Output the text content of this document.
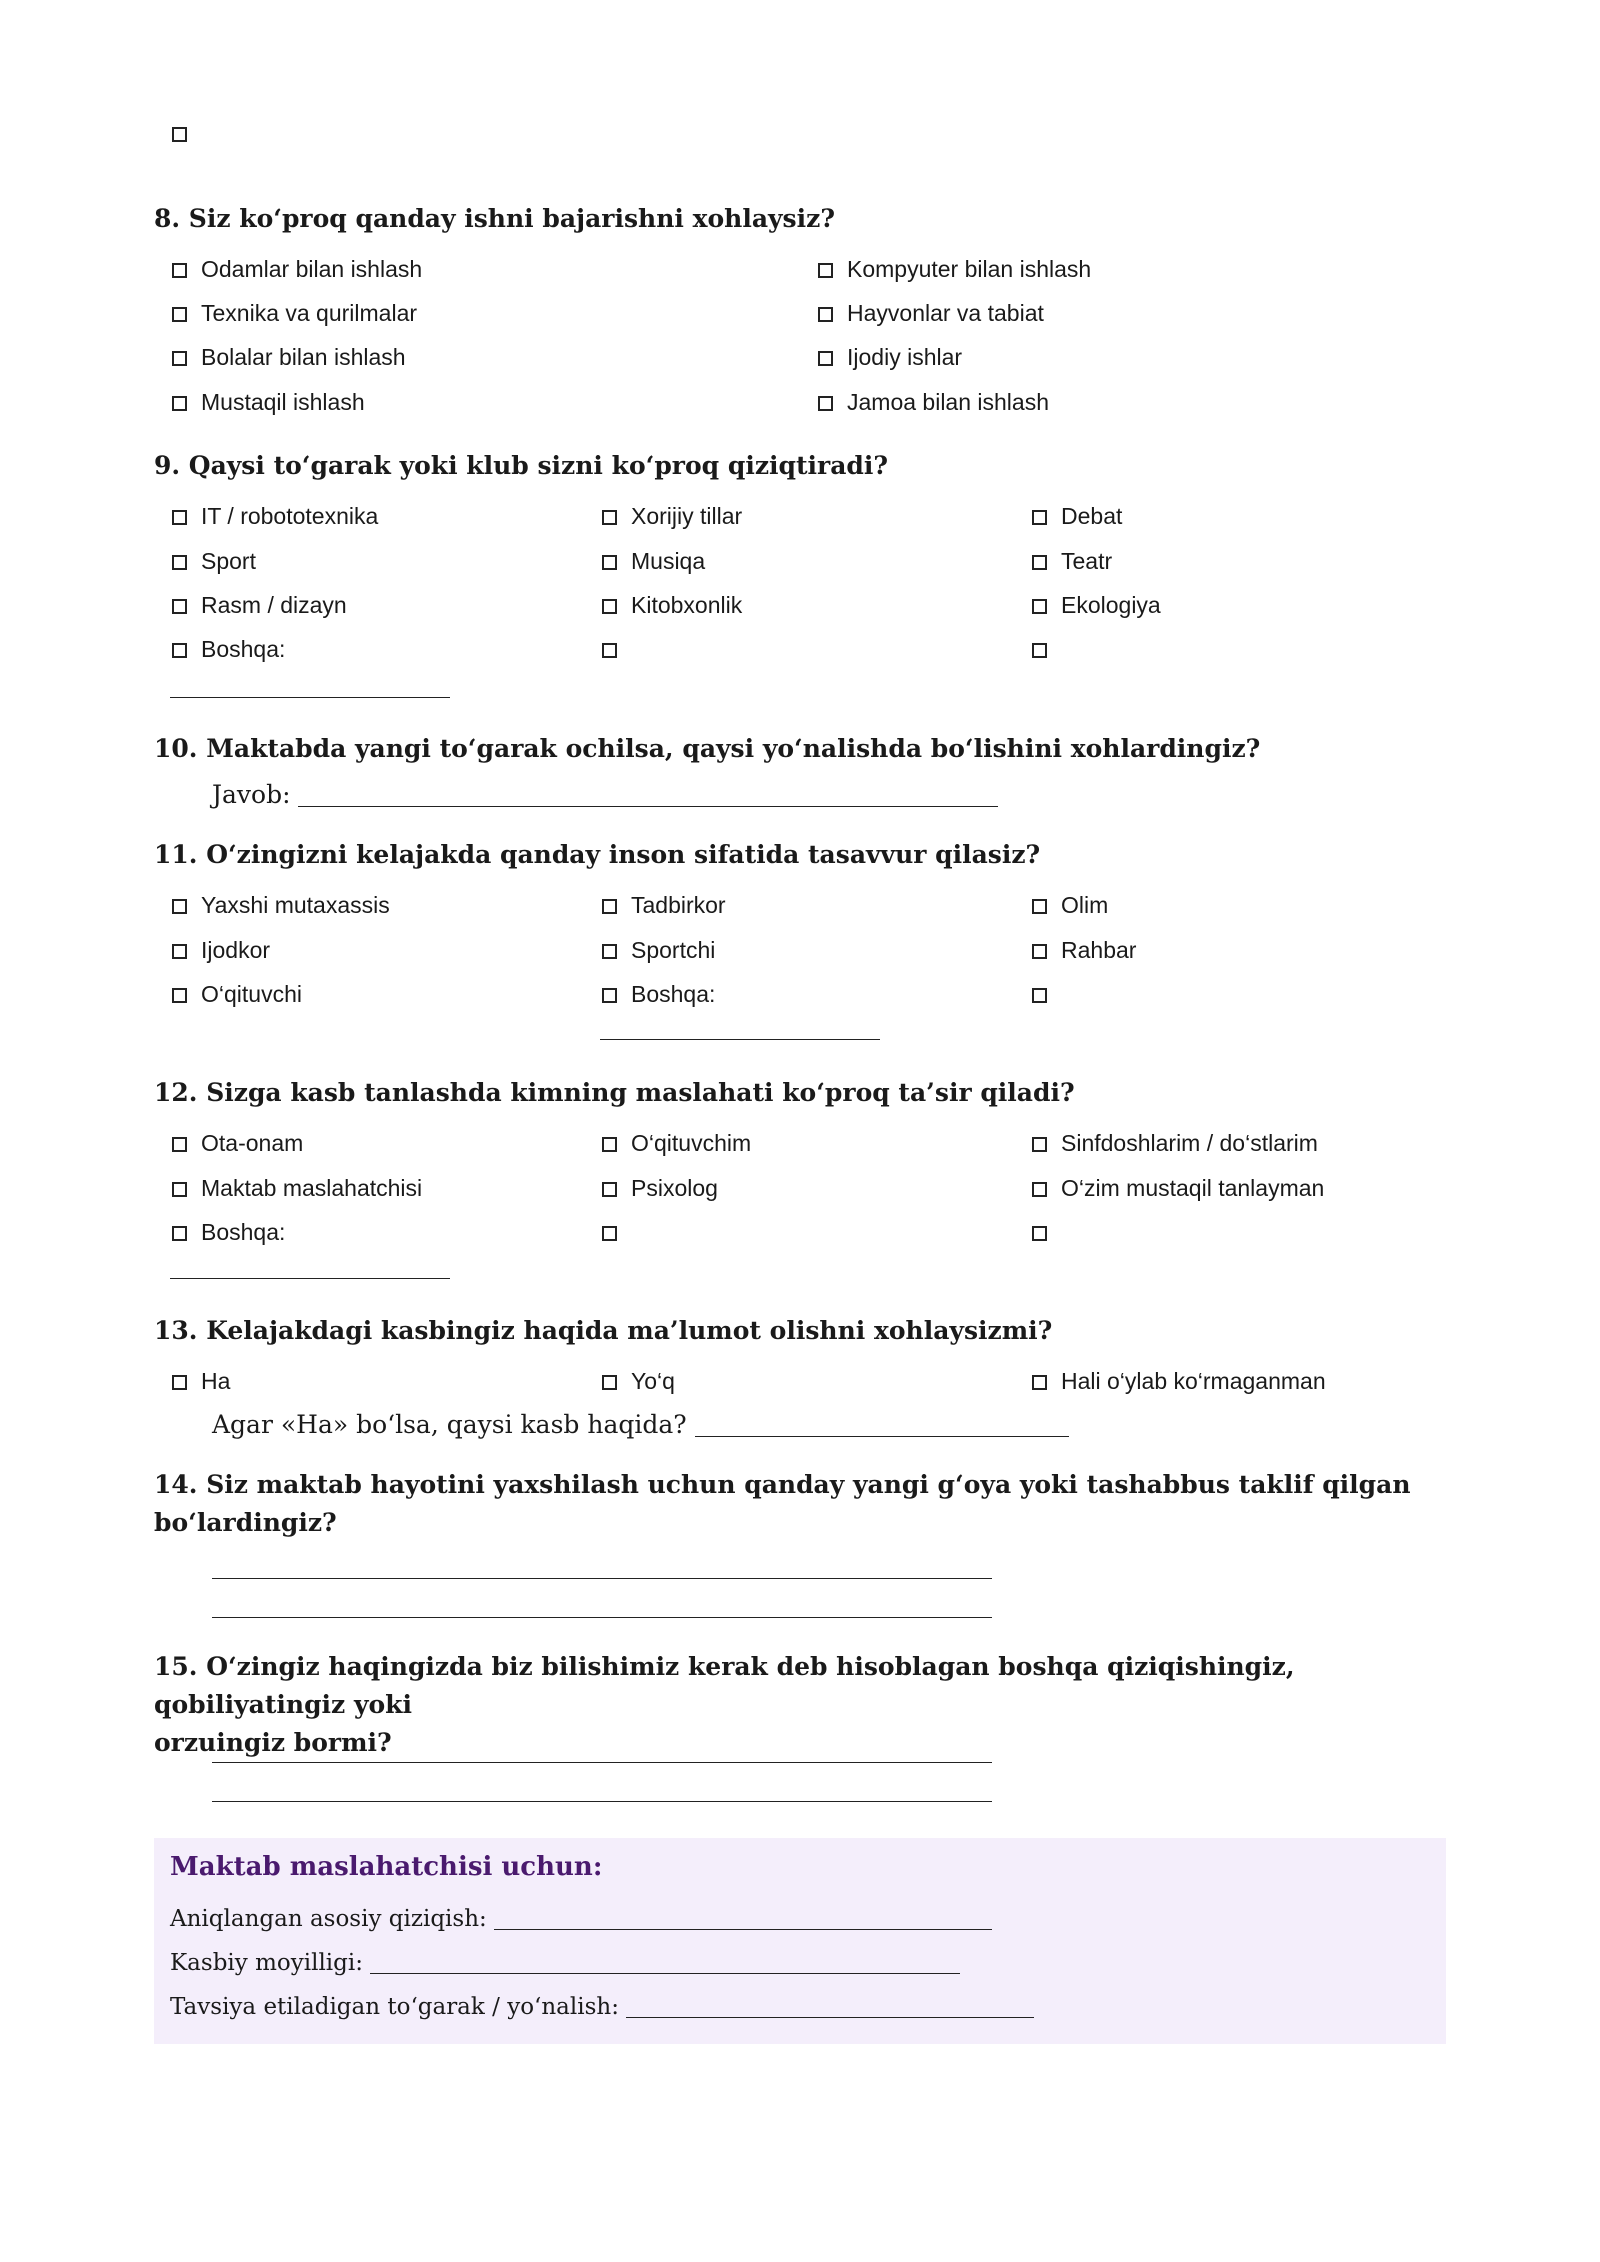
8. Siz ko‘proq qanday ishni bajarishni xohlaysiz?
Odamlar bilan ishlash	Kompyuter bilan ishlash
Texnika va qurilmalar	Hayvonlar va tabiat
Bolalar bilan ishlash	Ijodiy ishlar
Mustaqil ishlash	Jamoa bilan ishlash
9. Qaysi to‘garak yoki klub sizni ko‘proq qiziqtiradi?
IT / robototexnika	Xorijiy tillar	Debat
Sport	Musiqa	Teatr
Rasm / dizayn	Kitobxonlik	Ekologiya
Boshqa:
10. Maktabda yangi to‘garak ochilsa, qaysi yo‘nalishda bo‘lishini xohlardingiz?
Javob:
11. O‘zingizni kelajakda qanday inson sifatida tasavvur qilasiz?
Yaxshi mutaxassis	Tadbirkor	Olim
Ijodkor	Sportchi	Rahbar
O‘qituvchi	Boshqa:
12. Sizga kasb tanlashda kimning maslahati ko‘proq ta’sir qiladi?
Ota-onam	O‘qituvchim	Sinfdoshlarim / do‘stlarim
Maktab maslahatchisi	Psixolog	O‘zim mustaqil tanlayman
Boshqa:
13. Kelajakdagi kasbingiz haqida ma’lumot olishni xohlaysizmi?
Ha	Yo‘q	Hali o‘ylab ko‘rmaganman
Agar «Ha» bo‘lsa, qaysi kasb haqida?
14. Siz maktab hayotini yaxshilash uchun qanday yangi g‘oya yoki tashabbus taklif qilgan
bo‘lardingiz?
15. O‘zingiz haqingizda biz bilishimiz kerak deb hisoblagan boshqa qiziqishingiz, qobiliyatingiz yoki
orzuingiz bormi?
Maktab maslahatchisi uchun:
Aniqlangan asosiy qiziqish:
Kasbiy moyilligi:
Tavsiya etiladigan to‘garak / yo‘nalish:
